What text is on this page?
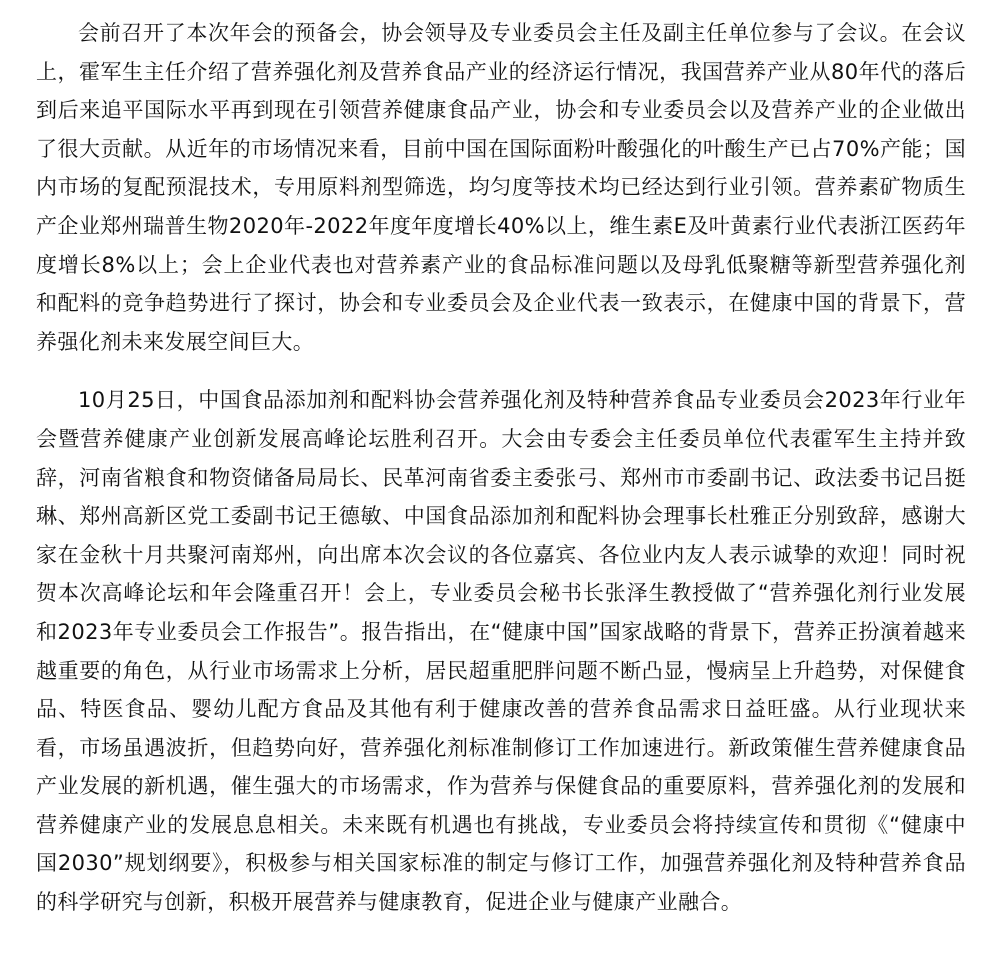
会前召开了本次年会的预备会，协会领导及专业委员会主任及副主任单位参与了会议。在会议上，霍军生主任介绍了营养强化剂及营养食品产业的经济运行情况，我国营养产业从80年代的落后到后来追平国际水平再到现在引领营养健康食品产业，协会和专业委员会以及营养产业的企业做出了很大贡献。从近年的市场情况来看，目前中国在国际面粉叶酸强化的叶酸生产已占70%产能；国内市场的复配预混技术，专用原料剂型筛选，均匀度等技术均已经达到行业引领。营养素矿物质生产企业郑州瑞普生物2020年-2022年度年度增长40%以上，维生素E及叶黄素行业代表浙江医药年度增长8%以上；会上企业代表也对营养素产业的食品标准问题以及母乳低聚糖等新型营养强化剂和配料的竞争趋势进行了探讨，协会和专业委员会及企业代表一致表示，在健康中国的背景下，营养强化剂未来发展空间巨大。

10月25日，中国食品添加剂和配料协会营养强化剂及特种营养食品专业委员会2023年行业年会暨营养健康产业创新发展高峰论坛胜利召开。大会由专委会主任委员单位代表霍军生主持并致辞，河南省粮食和物资储备局局长、民革河南省委主委张弓、郑州市市委副书记、政法委书记吕挺琳、郑州高新区党工委副书记王德敏、中国食品添加剂和配料协会理事长杜雅正分别致辞，感谢大家在金秋十月共聚河南郑州，向出席本次会议的各位嘉宾、各位业内友人表示诚挚的欢迎！同时祝贺本次高峰论坛和年会隆重召开！会上，专业委员会秘书长张泽生教授做了“营养强化剂行业发展和2023年专业委员会工作报告”。报告指出，在“健康中国”国家战略的背景下，营养正扮演着越来越重要的角色，从行业市场需求上分析，居民超重肥胖问题不断凸显，慢病呈上升趋势，对保健食品、特医食品、婴幼儿配方食品及其他有利于健康改善的营养食品需求日益旺盛。从行业现状来看，市场虽遇波折，但趋势向好，营养强化剂标准制修订工作加速进行。新政策催生营养健康食品产业发展的新机遇，催生强大的市场需求，作为营养与保健食品的重要原料，营养强化剂的发展和营养健康产业的发展息息相关。未来既有机遇也有挑战，专业委员会将持续宣传和贯彻《“健康中国2030”规划纲要》，积极参与相关国家标准的制定与修订工作，加强营养强化剂及特种营养食品的科学研究与创新，积极开展营养与健康教育，促进企业与健康产业融合。
